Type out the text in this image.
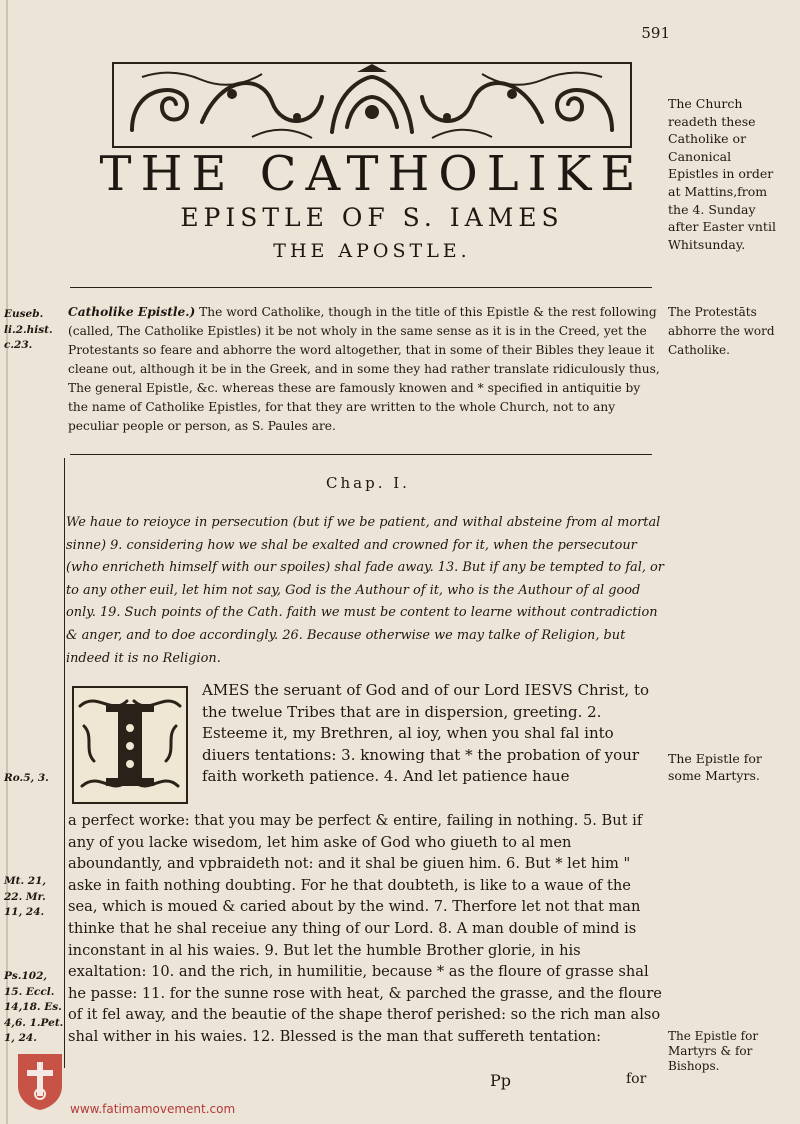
591
THE CATHOLIKE
EPISTLE OF S. IAMES
THE APOSTLE.
The Church readeth these Catholike or Canonical Epistles in order at Mattins,from the 4. Sunday after Easter vntil Whitsunday.
Euseb. li.2.hist. c.23.
Catholike Epistle.) The word Catholike, though in the title of this Epistle & the rest following (called, The Catholike Epistles) it be not wholy in the same sense as it is in the Creed, yet the Protestants so feare and abhorre the word altogether, that in some of their Bibles they leaue it cleane out, although it be in the Greek, and in some they had rather translate ridiculously thus, The general Epistle, &c. whereas these are famously knowen and * specified in antiquitie by the name of Catholike Epistles, for that they are written to the whole Church, not to any peculiar people or person, as S. Paules are.
The Protestāts abhorre the word Catholike.
Chap. I.
We haue to reioyce in persecution (but if we be patient, and withal absteine from al mortal sinne) 9. considering how we shal be exalted and crowned for it, when the persecutour (who enricheth himself with our spoiles) shal fade away. 13. But if any be tempted to fal, or to any other euil, let him not say, God is the Authour of it, who is the Authour of al good only. 19. Such points of the Cath. faith we must be content to learne without contradiction & anger, and to doe accordingly. 26. Because otherwise we may talke of Religion, but indeed it is no Religion.
AMES the seruant of God and of our Lord IESVS Christ, to the twelue Tribes that are in dispersion, greeting. 2. Esteeme it, my Brethren, al ioy, when you shal fal into diuers tentations: 3. knowing that * the probation of your faith worketh patience. 4. And let patience haue
Ro.5, 3.
The Epistle for some Martyrs.
a perfect worke: that you may be perfect & entire, failing in nothing. 5. But if any of you lacke wisedom, let him aske of God who giueth to al men aboundantly, and vpbraideth not: and it shal be giuen him. 6. But * let him " aske in faith nothing doubting. For he that doubteth, is like to a waue of the sea, which is moued & caried about by the wind. 7. Therfore let not that man thinke that he shal receiue any thing of our Lord. 8. A man double of mind is inconstant in al his waies. 9. But let the humble Brother glorie, in his exaltation: 10. and the rich, in humilitie, because * as the floure of grasse shal he passe: 11. for the sunne rose with heat, & parched the grasse, and the floure of it fel away, and the beautie of the shape therof perished: so the rich man also shal wither in his waies. 12. Blessed is the man that suffereth tentation:
Mt. 21, 22. Mr. 11, 24.
Ps.102, 15. Eccl. 14,18. Es. 4,6. 1.Pet. 1, 24.	The Epistle for Martyrs & for Bishops.
Pp	for
www.fatimamovement.com
